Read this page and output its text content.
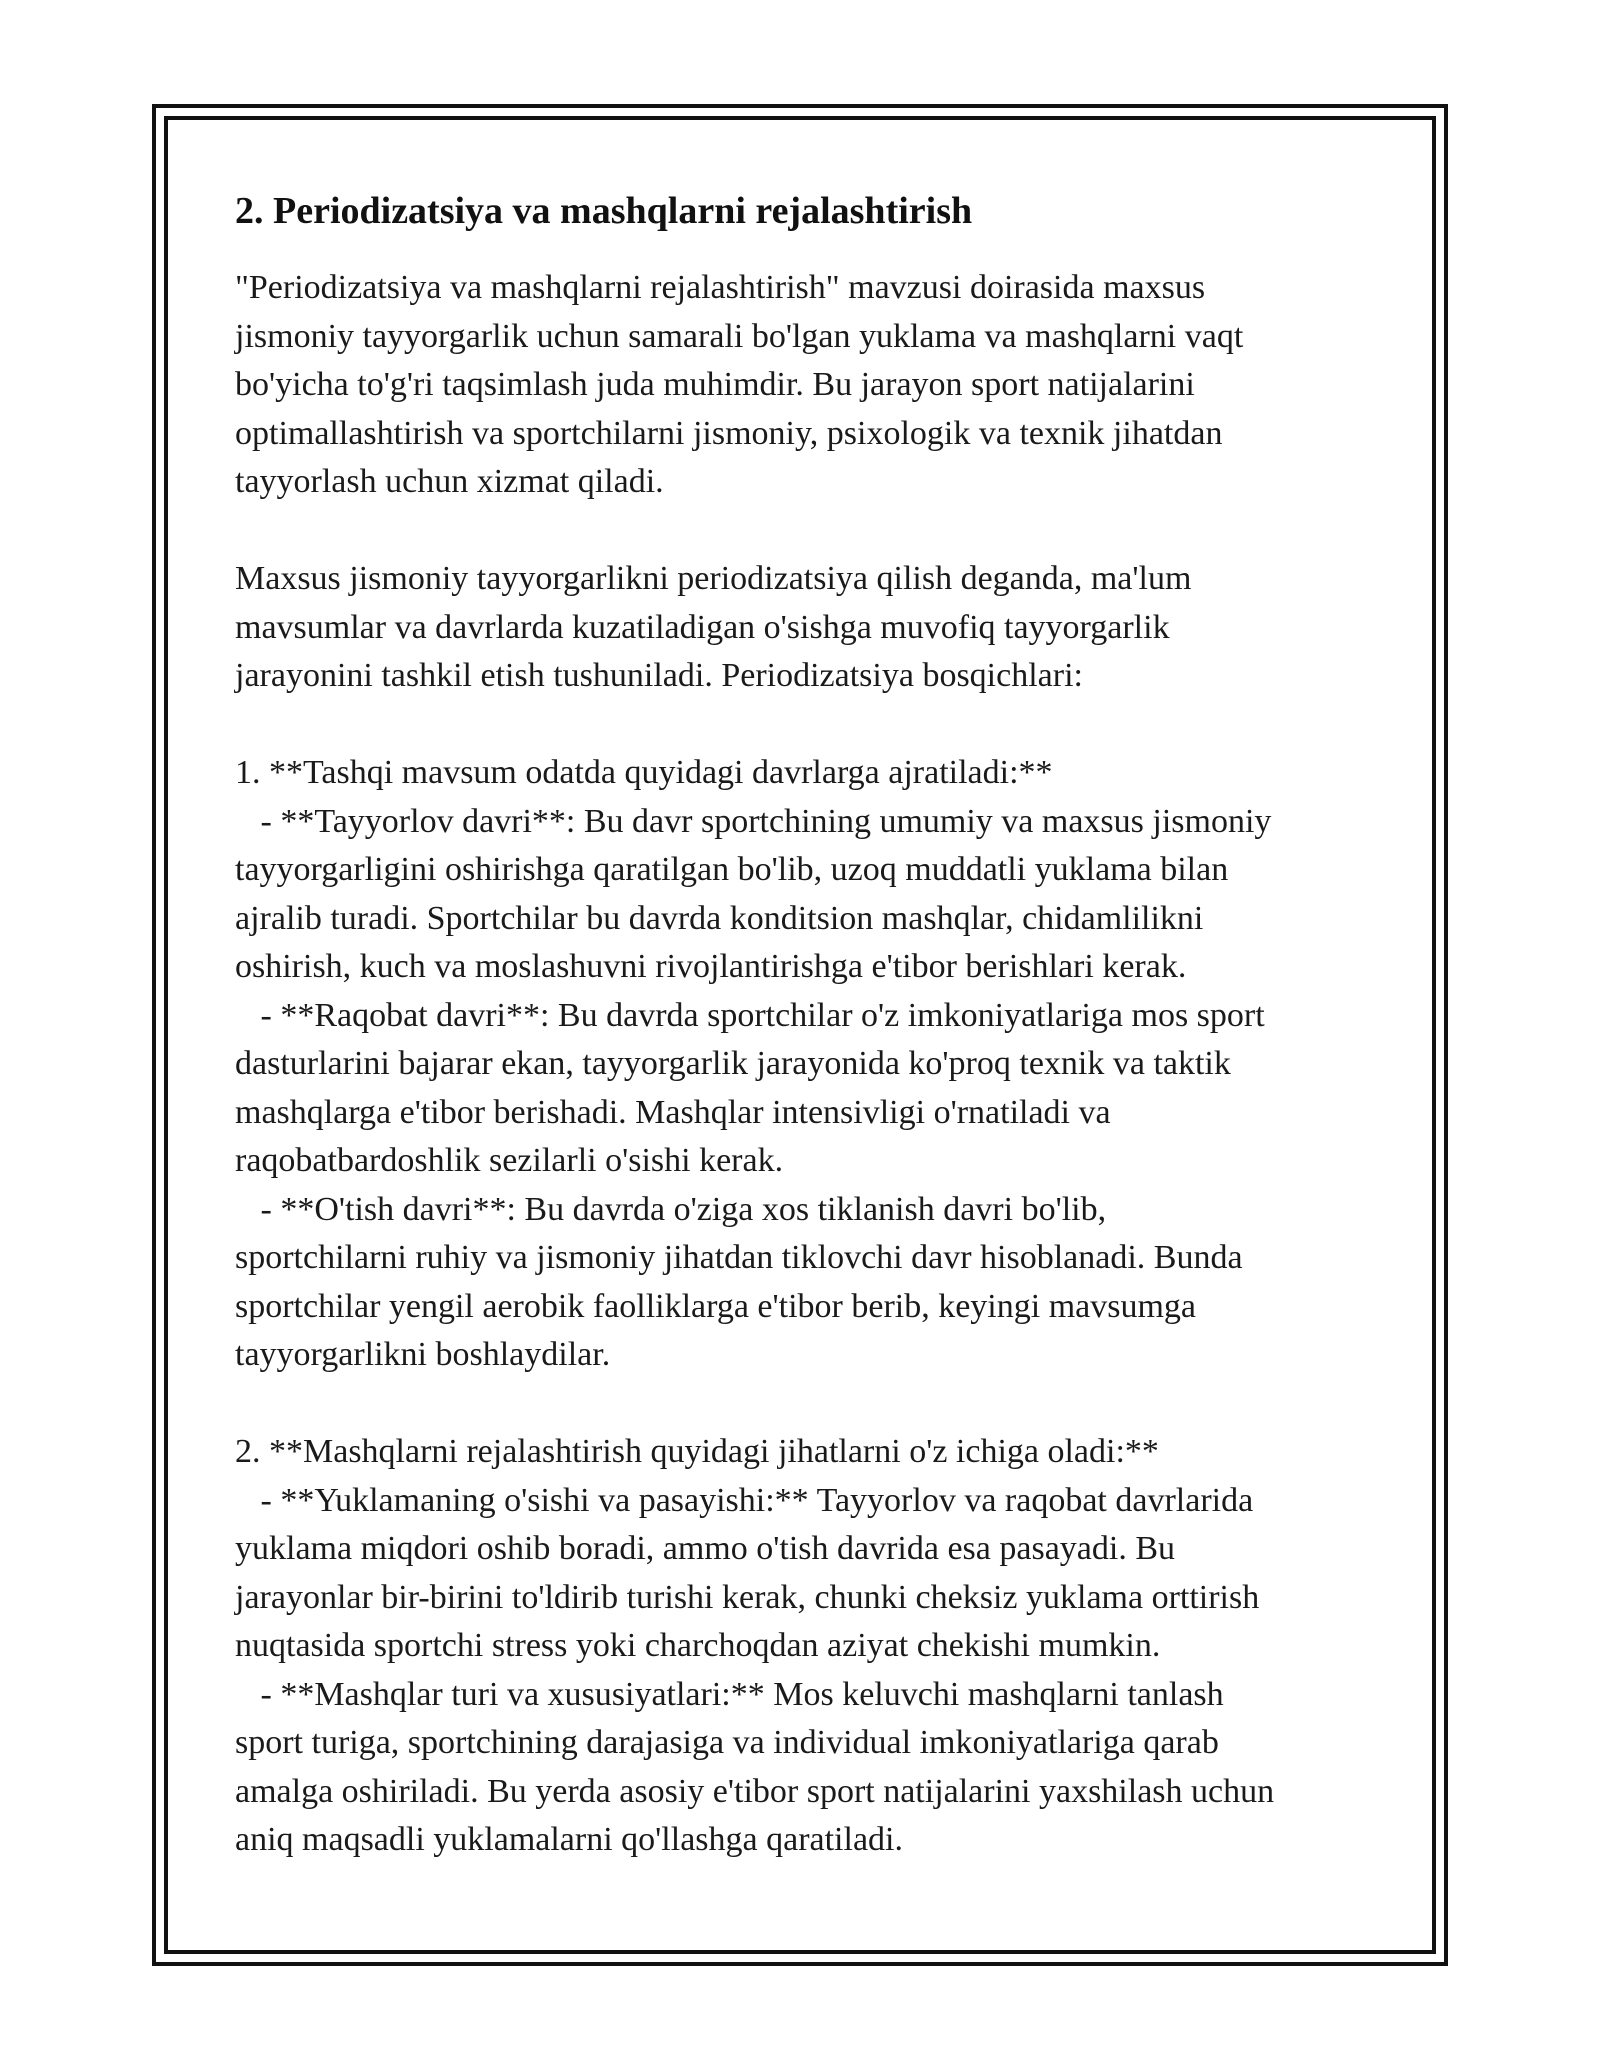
2. Periodizatsiya va mashqlarni rejalashtirish

"Periodizatsiya va mashqlarni rejalashtirish" mavzusi doirasida maxsus

jismoniy tayyorgarlik uchun samarali bo'lgan yuklama va mashqlarni vaqt

bo'yicha to'g'ri taqsimlash juda muhimdir. Bu jarayon sport natijalarini

optimallashtirish va sportchilarni jismoniy, psixologik va texnik jihatdan

tayyorlash uchun xizmat qiladi.

Maxsus jismoniy tayyorgarlikni periodizatsiya qilish deganda, ma'lum

mavsumlar va davrlarda kuzatiladigan o'sishga muvofiq tayyorgarlik

jarayonini tashkil etish tushuniladi. Periodizatsiya bosqichlari:

1. **Tashqi mavsum odatda quyidagi davrlarga ajratiladi:**

- **Tayyorlov davri**: Bu davr sportchining umumiy va maxsus jismoniy

tayyorgarligini oshirishga qaratilgan bo'lib, uzoq muddatli yuklama bilan

ajralib turadi. Sportchilar bu davrda konditsion mashqlar, chidamlilikni

oshirish, kuch va moslashuvni rivojlantirishga e'tibor berishlari kerak.

- **Raqobat davri**: Bu davrda sportchilar o'z imkoniyatlariga mos sport

dasturlarini bajarar ekan, tayyorgarlik jarayonida ko'proq texnik va taktik

mashqlarga e'tibor berishadi. Mashqlar intensivligi o'rnatiladi va

raqobatbardoshlik sezilarli o'sishi kerak.

- **O'tish davri**: Bu davrda o'ziga xos tiklanish davri bo'lib,

sportchilarni ruhiy va jismoniy jihatdan tiklovchi davr hisoblanadi. Bunda

sportchilar yengil aerobik faolliklarga e'tibor berib, keyingi mavsumga

tayyorgarlikni boshlaydilar.

2. **Mashqlarni rejalashtirish quyidagi jihatlarni o'z ichiga oladi:**

- **Yuklamaning o'sishi va pasayishi:** Tayyorlov va raqobat davrlarida

yuklama miqdori oshib boradi, ammo o'tish davrida esa pasayadi. Bu

jarayonlar bir-birini to'ldirib turishi kerak, chunki cheksiz yuklama orttirish

nuqtasida sportchi stress yoki charchoqdan aziyat chekishi mumkin.

- **Mashqlar turi va xususiyatlari:** Mos keluvchi mashqlarni tanlash

sport turiga, sportchining darajasiga va individual imkoniyatlariga qarab

amalga oshiriladi. Bu yerda asosiy e'tibor sport natijalarini yaxshilash uchun

aniq maqsadli yuklamalarni qo'llashga qaratiladi.
